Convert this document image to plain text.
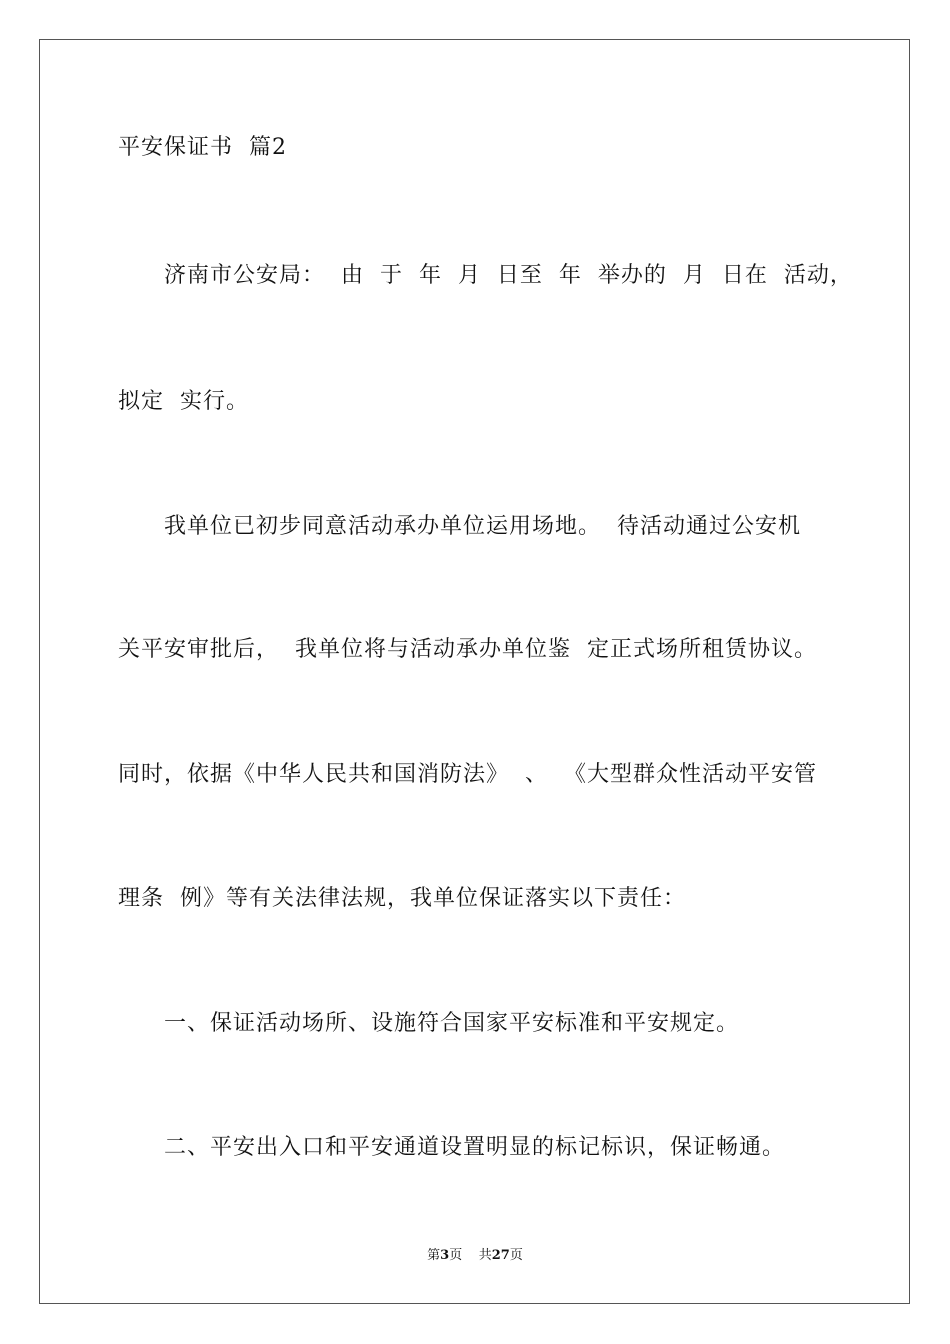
平安保证书  篇2
济南市公安局：  由  于  年  月  日至  年  举办的  月  日在  活动，
拟定  实行。
我单位已初步同意活动承办单位运用场地。  待活动通过公安机
关平安审批后，  我单位将与活动承办单位鉴  定正式场所租赁协议。
同时，依据《中华人民共和国消防法》  、  《大型群众性活动平安管
理条  例》等有关法律法规，我单位保证落实以下责任：
一、保证活动场所、设施符合国家平安标准和平安规定。
二、平安出入口和平安通道设置明显的标记标识，保证畅通。
第3页 共27页
